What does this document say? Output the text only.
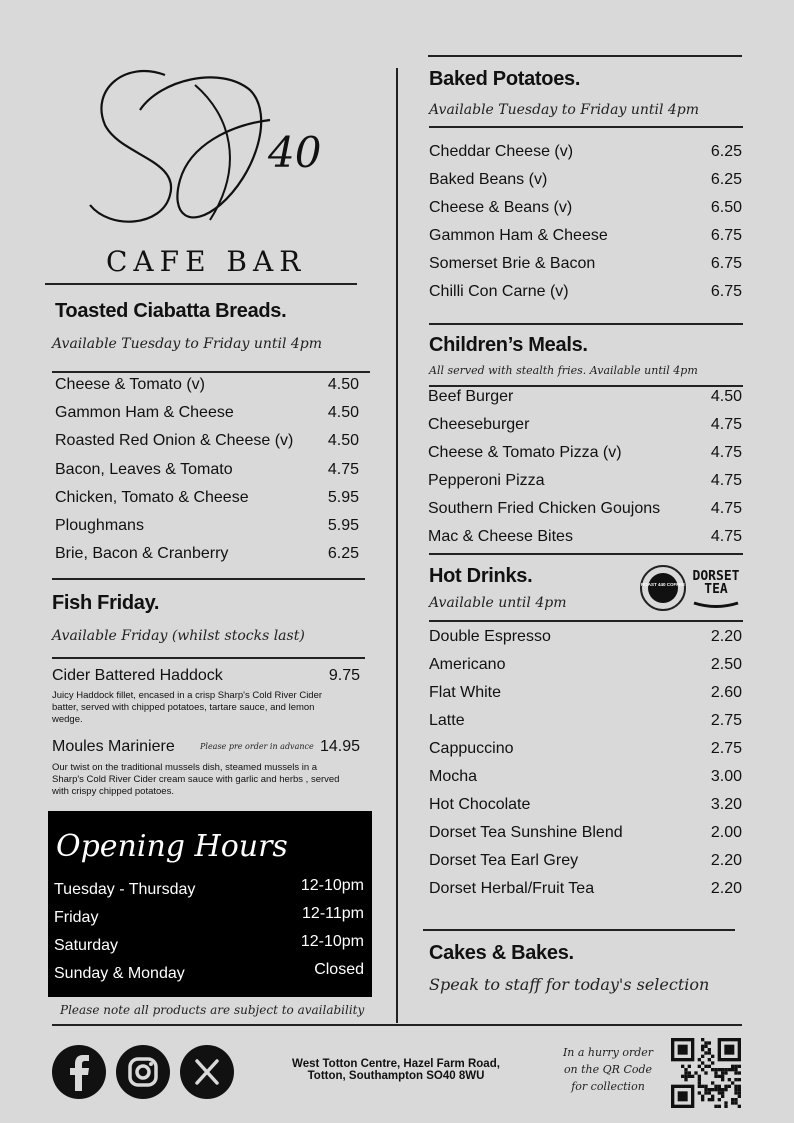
40
CAFE BAR
Toasted Ciabatta Breads.
Available Tuesday to Friday until 4pm
Cheese & Tomato (v)	4.50
Gammon Ham & Cheese	4.50
Roasted Red Onion & Cheese (v)	4.50
Bacon, Leaves & Tomato	4.75
Chicken, Tomato & Cheese	5.95
Ploughmans	5.95
Brie, Bacon & Cranberry	6.25
Fish Friday.
Available Friday (whilst stocks last)
Cider Battered Haddock	9.75
Juicy Haddock fillet, encased in a crisp Sharp's Cold River Cider batter, served with chipped potatoes, tartare sauce, and lemon wedge.
Moules Mariniere	Please pre order in advance 14.95
Our twist on the traditional mussels dish, steamed mussels in a Sharp's Cold River Cider cream sauce with garlic and herbs , served with crispy chipped potatoes.
Opening Hours
Tuesday - Thursday	12-10pm
Friday	12-11pm
Saturday	12-10pm
Sunday & Monday	Closed
Please note all products are subject to availability
Baked Potatoes.
Available Tuesday to Friday until 4pm
Cheddar Cheese (v)	6.25
Baked Beans (v)	6.25
Cheese & Beans (v)	6.50
Gammon Ham & Cheese	6.75
Somerset Brie & Bacon	6.75
Chilli Con Carne (v)	6.75
Children’s Meals.
All served with stealth fries. Available until 4pm
Beef Burger	4.50
Cheeseburger	4.75
Cheese & Tomato Pizza (v)	4.75
Pepperoni Pizza	4.75
Southern Fried Chicken Goujons	4.75
Mac & Cheese Bites	4.75
Hot Drinks.
Available until 4pm
ROAST 440 COFFEE
DORSET
TEA
Double Espresso	2.20
Americano	2.50
Flat White	2.60
Latte	2.75
Cappuccino	2.75
Mocha	3.00
Hot Chocolate	3.20
Dorset Tea Sunshine Blend	2.00
Dorset Tea Earl Grey	2.20
Dorset Herbal/Fruit Tea	2.20
Cakes & Bakes.
Speak to staff for today's selection
West Totton Centre, Hazel Farm Road,
Totton, Southampton SO40 8WU
In a hurry order
on the QR Code
for collection
